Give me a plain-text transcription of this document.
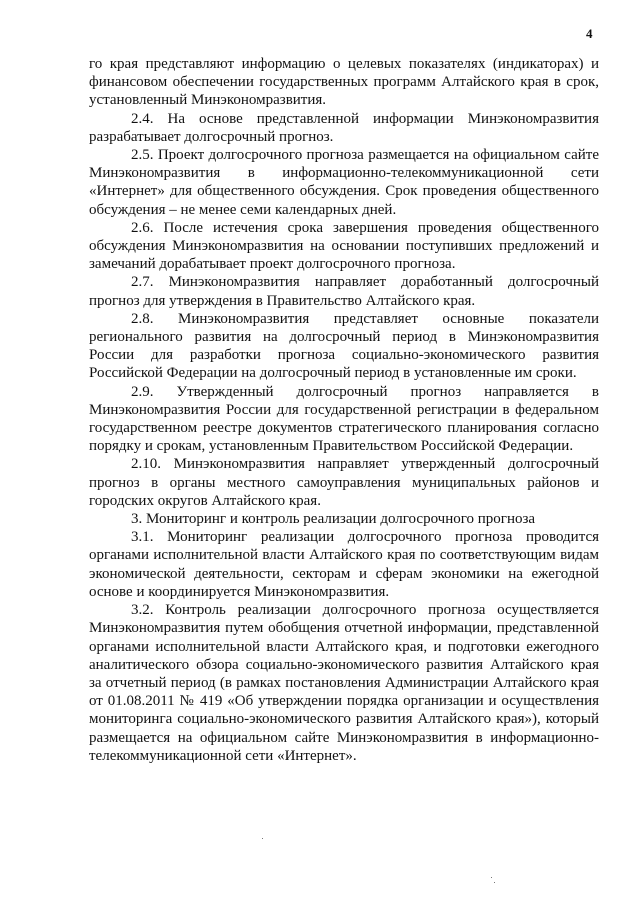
4

го края представляют информацию о целевых показателях (индикаторах) и финансовом обеспечении государственных программ Алтайского края в срок, установленный Минэкономразвития.

2.4. На основе представленной информации Минэкономразвития разрабатывает долгосрочный прогноз.

2.5. Проект долгосрочного прогноза размещается на официальном сайте Минэкономразвития в информационно-телекоммуникационной сети «Интернет» для общественного обсуждения. Срок проведения общественного обсуждения – не менее семи календарных дней.

2.6. После истечения срока завершения проведения общественного обсуждения Минэкономразвития на основании поступивших предложений и замечаний дорабатывает проект долгосрочного прогноза.

2.7. Минэкономразвития направляет доработанный долгосрочный прогноз для утверждения в Правительство Алтайского края.

2.8. Минэкономразвития представляет основные показатели регионального развития на долгосрочный период в Минэкономразвития России для разработки прогноза социально-экономического развития Российской Федерации на долгосрочный период в установленные им сроки.

2.9. Утвержденный долгосрочный прогноз направляется в Минэкономразвития России для государственной регистрации в федеральном государственном реестре документов стратегического планирования согласно порядку и срокам, установленным Правительством Российской Федерации.

2.10. Минэкономразвития направляет утвержденный долгосрочный прогноз в органы местного самоуправления муниципальных районов и городских округов Алтайского края.

3. Мониторинг и контроль реализации долгосрочного прогноза

3.1. Мониторинг реализации долгосрочного прогноза проводится органами исполнительной власти Алтайского края по соответствующим видам экономической деятельности, секторам и сферам экономики на ежегодной основе и координируется Минэкономразвития.

3.2. Контроль реализации долгосрочного прогноза осуществляется Минэкономразвития путем обобщения отчетной информации, представленной органами исполнительной власти Алтайского края, и подготовки ежегодного аналитического обзора социально-экономического развития Алтайского края за отчетный период (в рамках постановления Администрации Алтайского края от 01.08.2011 № 419 «Об утверждении порядка организации и осуществления мониторинга социально-экономического развития Алтайского края»), который размещается на официальном сайте Минэкономразвития в информационно-телекоммуникационной сети «Интернет».
